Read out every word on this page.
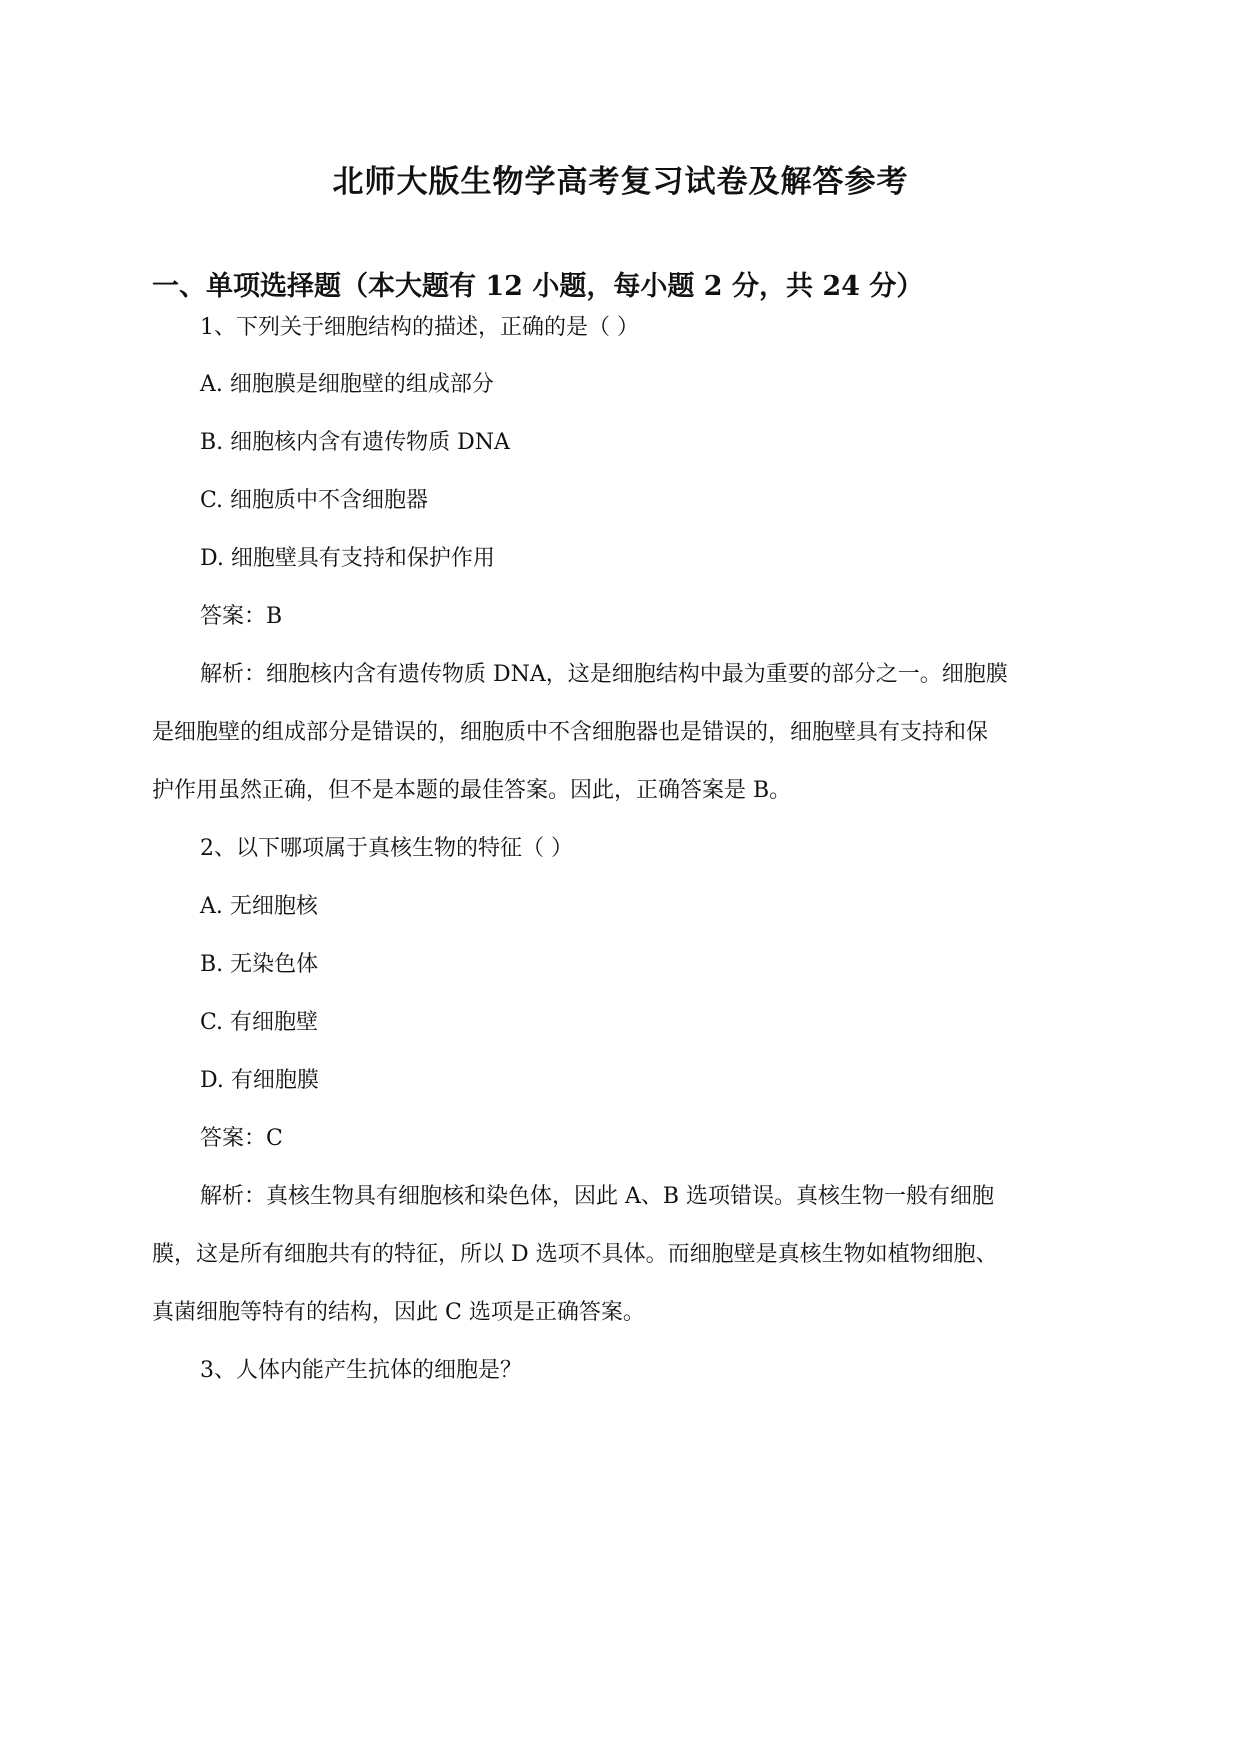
北师大版生物学高考复习试卷及解答参考
一、单项选择题（本大题有 12 小题，每小题 2 分，共 24 分）
1、下列关于细胞结构的描述，正确的是（ ）
A. 细胞膜是细胞壁的组成部分
B. 细胞核内含有遗传物质 DNA
C. 细胞质中不含细胞器
D. 细胞壁具有支持和保护作用
答案：B
解析：细胞核内含有遗传物质 DNA，这是细胞结构中最为重要的部分之一。细胞膜
是细胞壁的组成部分是错误的，细胞质中不含细胞器也是错误的，细胞壁具有支持和保
护作用虽然正确，但不是本题的最佳答案。因此，正确答案是 B。
2、以下哪项属于真核生物的特征（ ）
A. 无细胞核
B. 无染色体
C. 有细胞壁
D. 有细胞膜
答案：C
解析：真核生物具有细胞核和染色体，因此 A、B 选项错误。真核生物一般有细胞
膜，这是所有细胞共有的特征，所以 D 选项不具体。而细胞壁是真核生物如植物细胞、
真菌细胞等特有的结构，因此 C 选项是正确答案。
3、人体内能产生抗体的细胞是？
